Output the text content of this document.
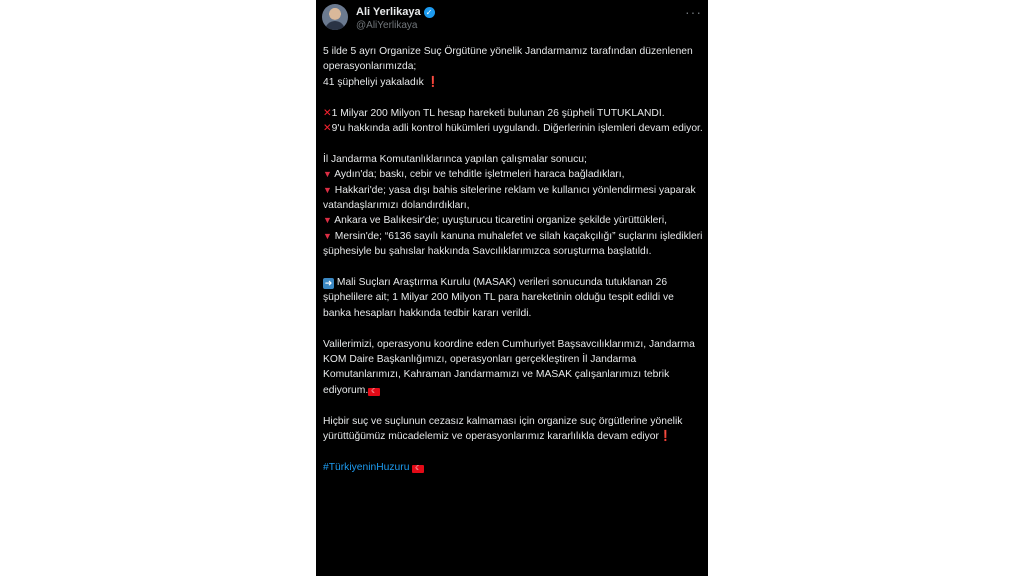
Ali Yerlikaya ✓
@AliYerlikaya
···

5 ilde 5 ayrı Organize Suç Örgütüne yönelik Jandarmamız tarafından düzenlenen operasyonlarımızda;

41 şüpheliyi yakaladık ❗

✕1 Milyar 200 Milyon TL hesap hareketi bulunan 26 şüpheli TUTUKLANDI.

✕9'u hakkında adli kontrol hükümleri uygulandı. Diğerlerinin işlemleri devam ediyor.

İl Jandarma Komutanlıklarınca yapılan çalışmalar sonucu;

▼ Aydın'da; baskı, cebir ve tehditle işletmeleri haraca bağladıkları,

▼ Hakkari'de; yasa dışı bahis sitelerine reklam ve kullanıcı yönlendirmesi yaparak vatandaşlarımızı dolandırdıkları,

▼ Ankara ve Balıkesir'de; uyuşturucu ticaretini organize şekilde yürüttükleri,

▼ Mersin'de; “6136 sayılı kanuna muhalefet ve silah kaçakçılığı” suçlarını işledikleri şüphesiyle bu şahıslar hakkında Savcılıklarımızca soruşturma başlatıldı.

➜ Mali Suçları Araştırma Kurulu (MASAK) verileri sonucunda tutuklanan 26 şüphelilere ait; 1 Milyar 200 Milyon TL para hareketinin olduğu tespit edildi ve banka hesapları hakkında tedbir kararı verildi.

Valilerimizi, operasyonu koordine eden Cumhuriyet Başsavcılıklarımızı, Jandarma KOM Daire Başkanlığımızı, operasyonları gerçekleştiren İl Jandarma Komutanlarımızı, Kahraman Jandarmamızı ve MASAK çalışanlarımızı tebrik ediyorum. ☾

Hiçbir suç ve suçlunun cezasız kalmaması için organize suç örgütlerine yönelik yürüttüğümüz mücadelemiz ve operasyonlarımız kararlılıkla devam ediyor❗

#TürkiyeninHuzuru ☾
